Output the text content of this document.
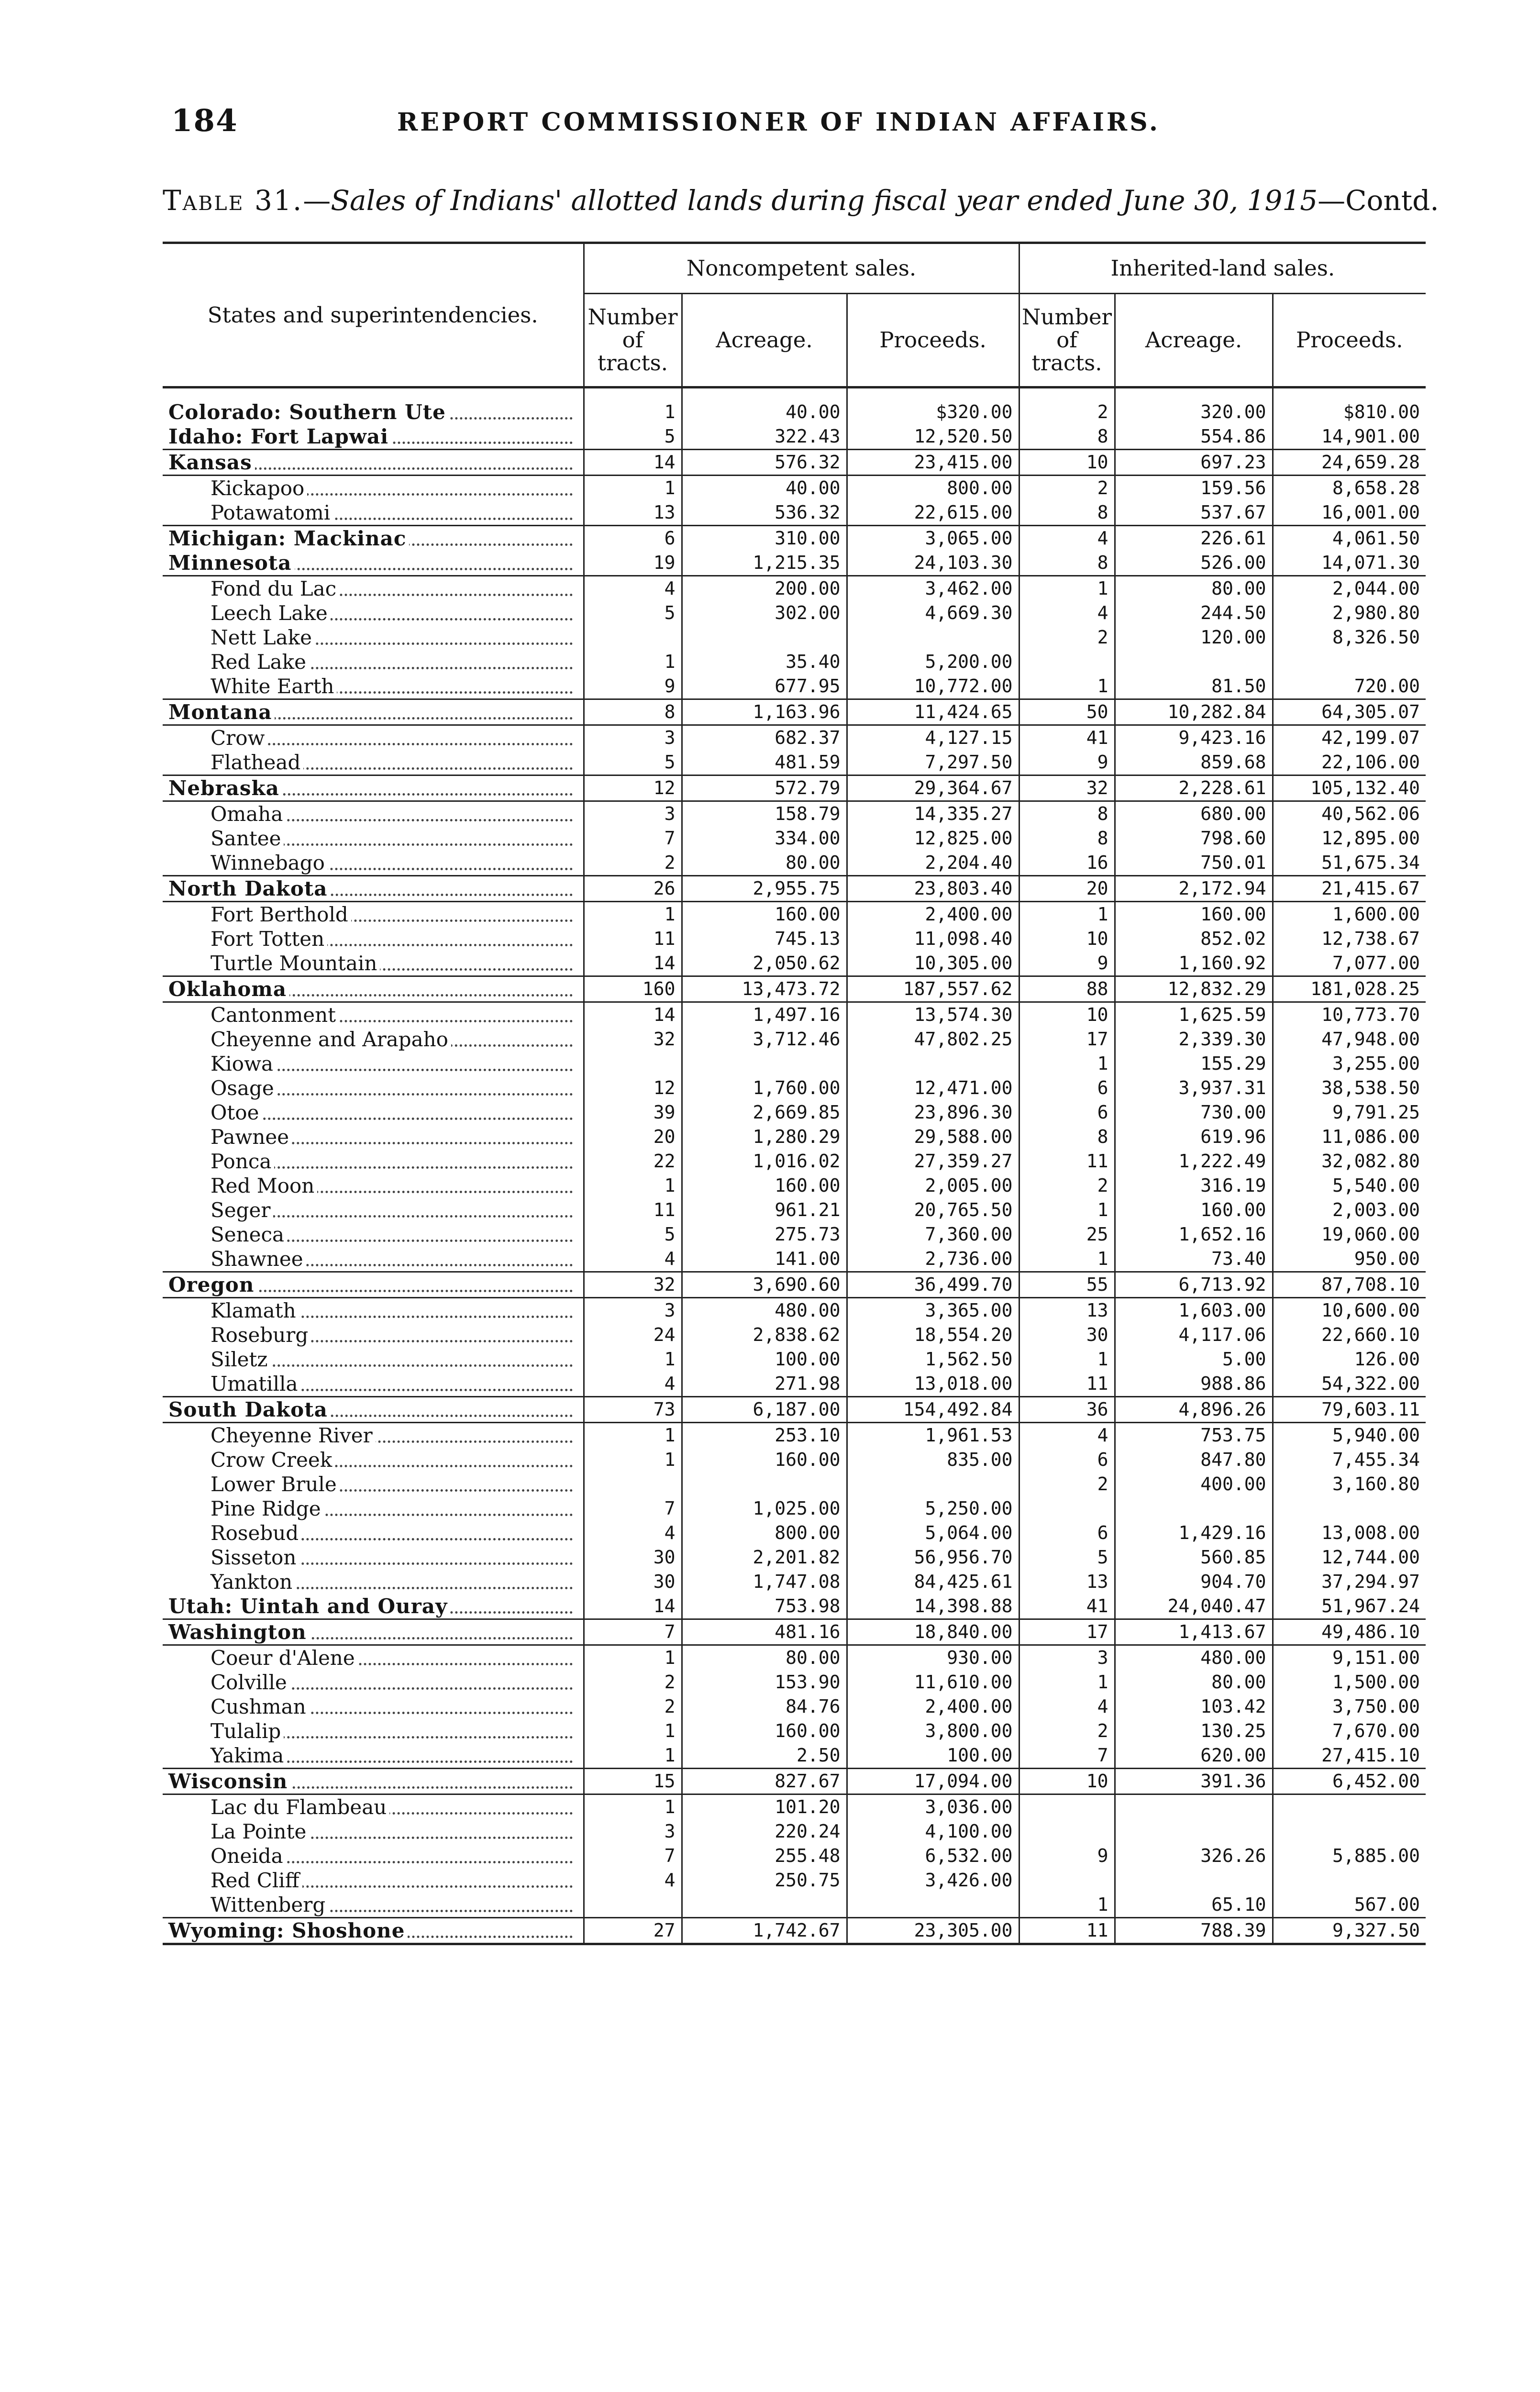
184	REPORT COMMISSIONER OF INDIAN AFFAIRS.
Table 31.—Sales of Indians' allotted lands during fiscal year ended June 30, 1915—Contd.
States and superintendencies.	Noncompetent sales.			Inherited-land sales.		
	Number of tracts.	Acreage.	Proceeds.	Number of tracts.	Acreage.	Proceeds.

Colorado: Southern Ute	1	40.00	$320.00	2	320.00	$810.00

Idaho: Fort Lapwai	5	322.43	12,520.50	8	554.86	14,901.00

Kansas	14	576.32	23,415.00	10	697.23	24,659.28

Kickapoo	1	40.00	800.00	2	159.56	8,658.28

Potawatomi	13	536.32	22,615.00	8	537.67	16,001.00

Michigan: Mackinac	6	310.00	3,065.00	4	226.61	4,061.50

Minnesota	19	1,215.35	24,103.30	8	526.00	14,071.30

Fond du Lac	4	200.00	3,462.00	1	80.00	2,044.00

Leech Lake	5	302.00	4,669.30	4	244.50	2,980.80

Nett Lake				2	120.00	8,326.50

Red Lake	1	35.40	5,200.00			

White Earth	9	677.95	10,772.00	1	81.50	720.00

Montana	8	1,163.96	11,424.65	50	10,282.84	64,305.07

Crow	3	682.37	4,127.15	41	9,423.16	42,199.07

Flathead	5	481.59	7,297.50	9	859.68	22,106.00

Nebraska	12	572.79	29,364.67	32	2,228.61	105,132.40

Omaha	3	158.79	14,335.27	8	680.00	40,562.06

Santee	7	334.00	12,825.00	8	798.60	12,895.00

Winnebago	2	80.00	2,204.40	16	750.01	51,675.34

North Dakota	26	2,955.75	23,803.40	20	2,172.94	21,415.67

Fort Berthold	1	160.00	2,400.00	1	160.00	1,600.00

Fort Totten	11	745.13	11,098.40	10	852.02	12,738.67

Turtle Mountain	14	2,050.62	10,305.00	9	1,160.92	7,077.00

Oklahoma	160	13,473.72	187,557.62	88	12,832.29	181,028.25

Cantonment	14	1,497.16	13,574.30	10	1,625.59	10,773.70

Cheyenne and Arapaho	32	3,712.46	47,802.25	17	2,339.30	47,948.00

Kiowa				1	155.29	3,255.00

Osage	12	1,760.00	12,471.00	6	3,937.31	38,538.50

Otoe	39	2,669.85	23,896.30	6	730.00	9,791.25

Pawnee	20	1,280.29	29,588.00	8	619.96	11,086.00

Ponca	22	1,016.02	27,359.27	11	1,222.49	32,082.80

Red Moon	1	160.00	2,005.00	2	316.19	5,540.00

Seger	11	961.21	20,765.50	1	160.00	2,003.00

Seneca	5	275.73	7,360.00	25	1,652.16	19,060.00

Shawnee	4	141.00	2,736.00	1	73.40	950.00

Oregon	32	3,690.60	36,499.70	55	6,713.92	87,708.10

Klamath	3	480.00	3,365.00	13	1,603.00	10,600.00

Roseburg	24	2,838.62	18,554.20	30	4,117.06	22,660.10

Siletz	1	100.00	1,562.50	1	5.00	126.00

Umatilla	4	271.98	13,018.00	11	988.86	54,322.00

South Dakota	73	6,187.00	154,492.84	36	4,896.26	79,603.11

Cheyenne River	1	253.10	1,961.53	4	753.75	5,940.00

Crow Creek	1	160.00	835.00	6	847.80	7,455.34

Lower Brule				2	400.00	3,160.80

Pine Ridge	7	1,025.00	5,250.00			

Rosebud	4	800.00	5,064.00	6	1,429.16	13,008.00

Sisseton	30	2,201.82	56,956.70	5	560.85	12,744.00

Yankton	30	1,747.08	84,425.61	13	904.70	37,294.97

Utah: Uintah and Ouray	14	753.98	14,398.88	41	24,040.47	51,967.24

Washington	7	481.16	18,840.00	17	1,413.67	49,486.10

Coeur d'Alene	1	80.00	930.00	3	480.00	9,151.00

Colville	2	153.90	11,610.00	1	80.00	1,500.00

Cushman	2	84.76	2,400.00	4	103.42	3,750.00

Tulalip	1	160.00	3,800.00	2	130.25	7,670.00

Yakima	1	2.50	100.00	7	620.00	27,415.10

Wisconsin	15	827.67	17,094.00	10	391.36	6,452.00

Lac du Flambeau	1	101.20	3,036.00			

La Pointe	3	220.24	4,100.00			

Oneida	7	255.48	6,532.00	9	326.26	5,885.00

Red Cliff	4	250.75	3,426.00			

Wittenberg				1	65.10	567.00

Wyoming: Shoshone	27	1,742.67	23,305.00	11	788.39	9,327.50
